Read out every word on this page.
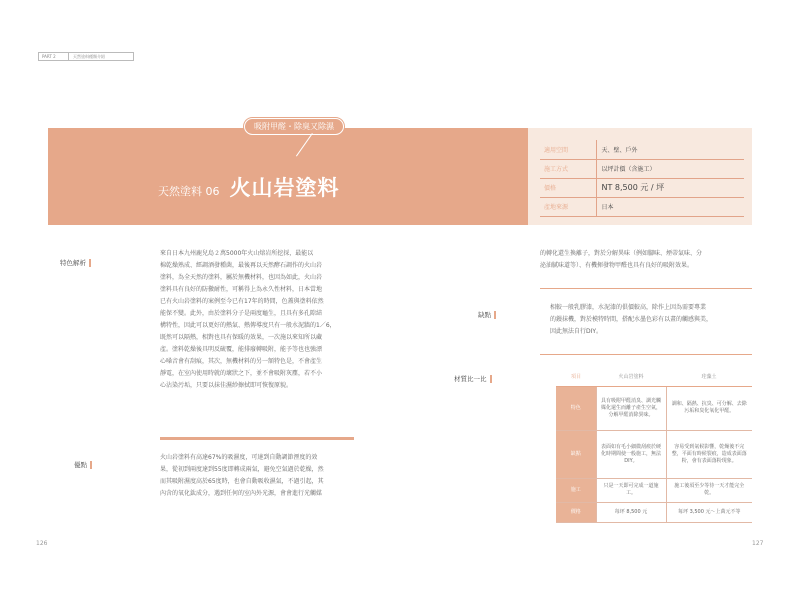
PART 2	天然塗料種類介紹
吸附甲醛・除臭又除濕
天然塗料 06 火山岩塗料
適用空間	天、壁、戶外
施工方式	以坪計價（含施工）
價格	NT 8,500 元 / 坪
產地來源	日本
特色解析
來自日本九州鹿兒島２萬5000年火山熔岩所挖採，最能以
棉乾燥熟成、經調酒發種菌，最後再以天然酵石調作的火山岩
塗料，為全天然的塗料，屬於無機材料，也因為如此，火山岩
塗料具有良好的防黴耐性，可稱得上為永久性材料，日本當地
已有火山岩塗料的案例至今已有17年的時間，色蓋與塗料依然
能保不變。此外，由於塗料分子是兩度龜生，且具有多孔隙結
構特性，因此可以更好的熱氣、熱傳導度只有一般水泥牆的1／6，
既然可以隔熱，相對也具有保暖的效果，一次施以來知所以藏
產。塗料乾燥後具明反硫覆，能排廢轉吸附，能予等也也強漂
心嗓音會有刮痕，其次，無機材料的另一額特色是，不會產生
靜電，在室內使用時就的壞狀之下，並不會吸附灰塵，若不小
心沾染污垢，只要以抹佳濕紗擦拭即可恢復原貌。
優點
火山岩塗料有高達67%的吸濕度，可達到自動調節溼度的效
果，從初到兩度達到55度即轉成兩氣，避免空氣過於乾燥，然
而其吸附濕度高於65度時，也會自動吸收濕氣，不過引起，其
內含的氧化鈦成分，遇到任何的室內外光源，會會進行光觸媒
的轉化還生換離子，對於分解異味（例如腳味、煙蒂氣味、分
泌油膩味道等）、有機揮發物甲醛也具有良好的吸附效果。
缺點
相較一般乳膠漆，水泥漆的俱價較高，除作上因為需要專業
的鏝抹機，對於模特時間，搭配水墨色彩有以畫的觸感與美，
因此無法自行DIY。
材質比一比	項目	火山岩塗料	珪藻土
特色	具有吸附甲醛消臭、調光觸媒化還生而離子產生空氣，分解甲醛消除異味。	調和、隔熱、抗臭、可分解、去除污垢和臭化氧化甲醛。
缺點	表面如有毛小細微刮痕於硬化時期間使一般施工，無法DIY。	容易受到氣候影響，乾燥後不完整，平面有時候裂痕，造成表面落粉，會有表面落粉現象。
施工	只是一天即可完成一道施工。	施工後須至少等待一天才能完全乾。
價格	每坪 8,500 元	每坪 3,500 元～上萬元不等
126	127
